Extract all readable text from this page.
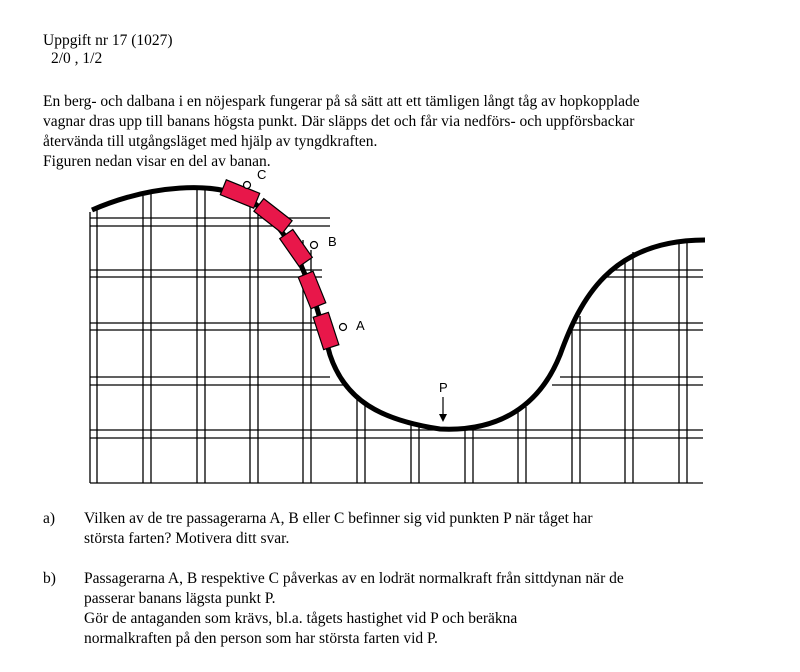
Uppgift nr 17 (1027)
2/0 , 1/2
En berg- och dalbana i en nöjespark fungerar på så sätt att ett tämligen långt tåg av hopkopplade
vagnar dras upp till banans högsta punkt. Där släpps det och får via nedförs- och uppförsbackar
återvända till utgångsläget med hjälp av tyngdkraften.
Figuren nedan visar en del av banan.
C
B
A
P
a) Vilken av de tre passagerarna A, B eller C befinner sig vid punkten P när tåget har
största farten? Motivera ditt svar.
b) Passagerarna A, B respektive C påverkas av en lodrät normalkraft från sittdynan när de
passerar banans lägsta punkt P.
Gör de antaganden som krävs, bl.a. tågets hastighet vid P och beräkna
normalkraften på den person som har största farten vid P.
